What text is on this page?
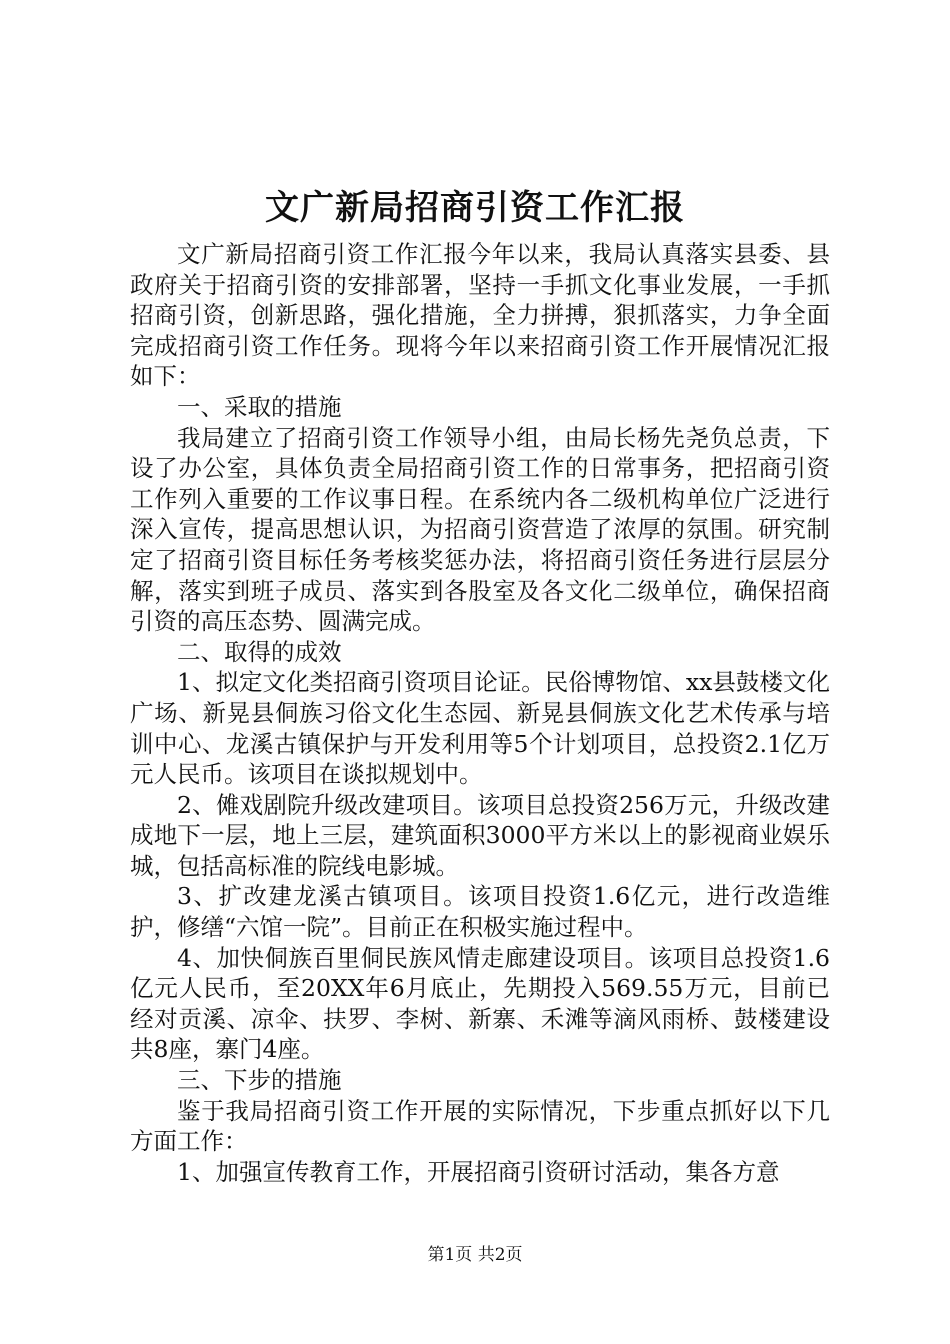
文广新局招商引资工作汇报

文广新局招商引资工作汇报今年以来，我局认真落实县委、县政府关于招商引资的安排部署，坚持一手抓文化事业发展，一手抓招商引资，创新思路，强化措施，全力拼搏，狠抓落实，力争全面完成招商引资工作任务。现将今年以来招商引资工作开展情况汇报如下：

一、采取的措施

我局建立了招商引资工作领导小组，由局长杨先尧负总责，下设了办公室，具体负责全局招商引资工作的日常事务，把招商引资工作列入重要的工作议事日程。在系统内各二级机构单位广泛进行深入宣传，提高思想认识，为招商引资营造了浓厚的氛围。研究制定了招商引资目标任务考核奖惩办法，将招商引资任务进行层层分解，落实到班子成员、落实到各股室及各文化二级单位，确保招商引资的高压态势、圆满完成。

二、取得的成效

1、拟定文化类招商引资项目论证。民俗博物馆、xx县鼓楼文化广场、新晃县侗族习俗文化生态园、新晃县侗族文化艺术传承与培训中心、龙溪古镇保护与开发利用等5个计划项目，总投资2.1亿万元人民币。该项目在谈拟规划中。

2、傩戏剧院升级改建项目。该项目总投资256万元，升级改建成地下一层，地上三层，建筑面积3000平方米以上的影视商业娱乐城，包括高标准的院线电影城。

3、扩改建龙溪古镇项目。该项目投资1.6亿元，进行改造维护，修缮“六馆一院”。目前正在积极实施过程中。

4、加快侗族百里侗民族风情走廊建设项目。该项目总投资1.6亿元人民币，至20XX年6月底止，先期投入569.55万元，目前已经对贡溪、凉伞、扶罗、李树、新寨、禾滩等滴风雨桥、鼓楼建设共8座，寨门4座。

三、下步的措施

鉴于我局招商引资工作开展的实际情况，下步重点抓好以下几方面工作：

1、加强宣传教育工作，开展招商引资研讨活动，集各方意

第1页 共2页
